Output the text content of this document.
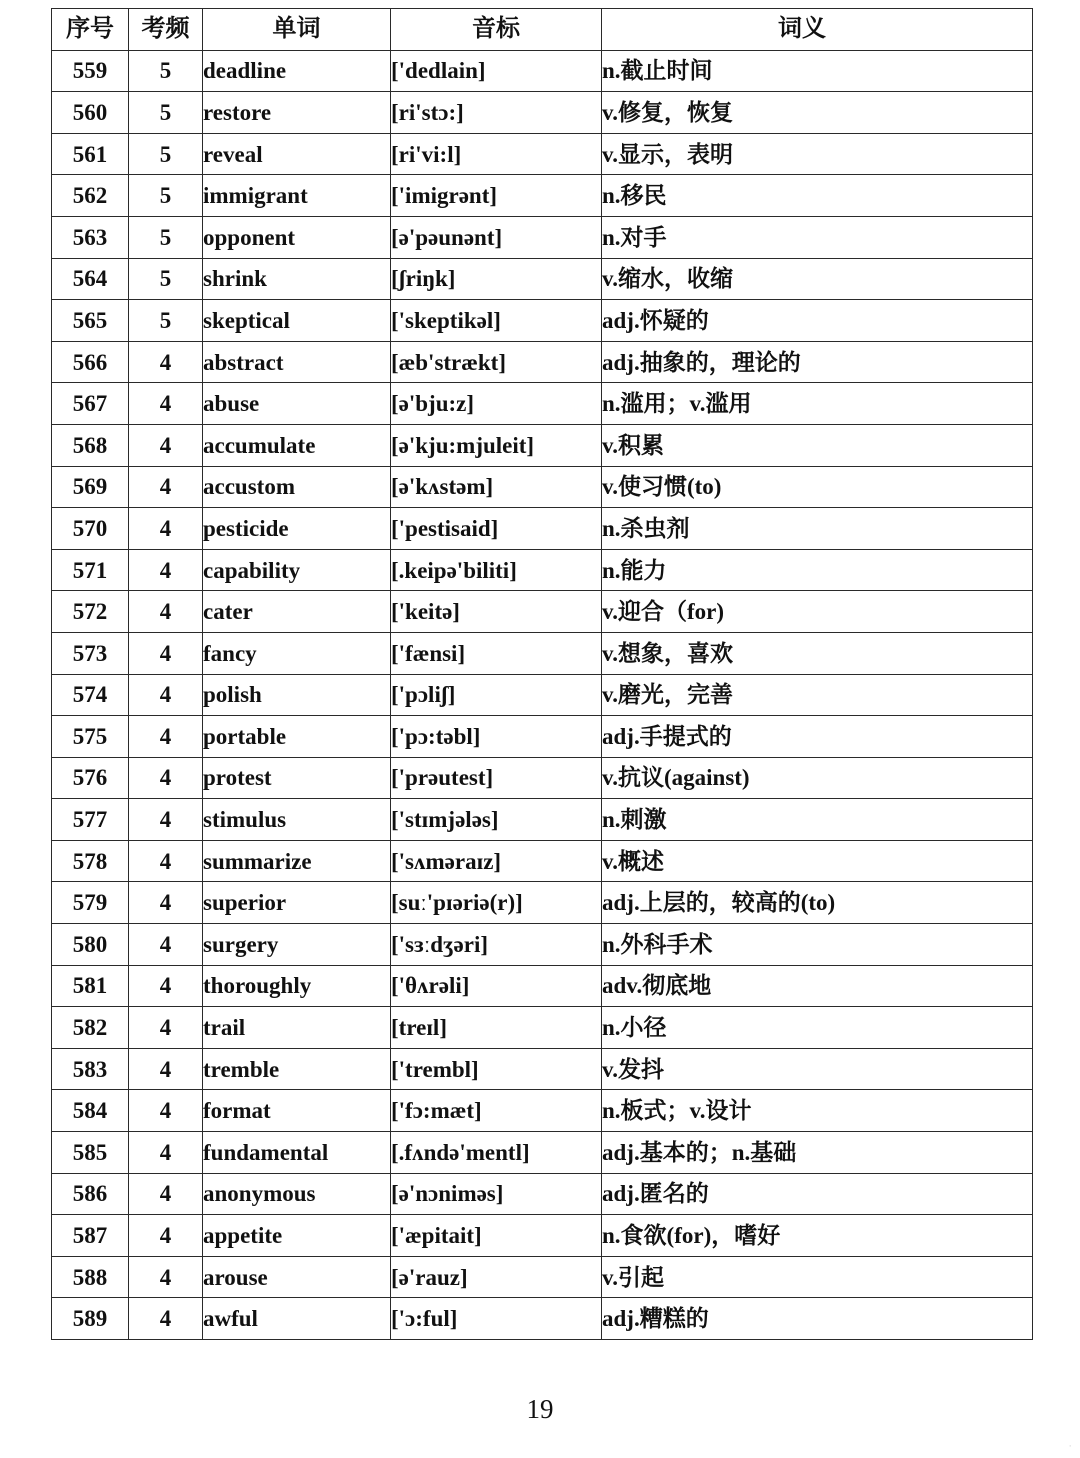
序号	考频	单词	音标	词义
559	5	deadline	['dedlain]	n.截止时间
560	5	restore	[ri'stɔ:]	v.修复，恢复
561	5	reveal	[ri'vi:l]	v.显示，表明
562	5	immigrant	['imigrənt]	n.移民
563	5	opponent	[ə'pəunənt]	n.对手
564	5	shrink	[ʃriŋk]	v.缩水，收缩
565	5	skeptical	['skeptikəl]	adj.怀疑的
566	4	abstract	[æb'strækt]	adj.抽象的，理论的
567	4	abuse	[ə'bju:z]	n.滥用；v.滥用
568	4	accumulate	[ə'kju:mjuleit]	v.积累
569	4	accustom	[ə'kʌstəm]	v.使习惯(to)
570	4	pesticide	['pestisaid]	n.杀虫剂
571	4	capability	[.keipə'biliti]	n.能力
572	4	cater	['keitə]	v.迎合（for)
573	4	fancy	['fænsi]	v.想象，喜欢
574	4	polish	['pɔliʃ]	v.磨光，完善
575	4	portable	['pɔ:təbl]	adj.手提式的
576	4	protest	['prəutest]	v.抗议(against)
577	4	stimulus	['stɪmjələs]	n.刺激
578	4	summarize	['sʌməraɪz]	v.概述
579	4	superior	[suː'pɪəriə(r)]	adj.上层的，较高的(to)
580	4	surgery	['sɜːdʒəri]	n.外科手术
581	4	thoroughly	['θʌrəli]	adv.彻底地
582	4	trail	[treɪl]	n.小径
583	4	tremble	['trembl]	v.发抖
584	4	format	['fɔ:mæt]	n.板式；v.设计
585	4	fundamental	[.fʌndə'mentl]	adj.基本的；n.基础
586	4	anonymous	[ə'nɔniməs]	adj.匿名的
587	4	appetite	['æpitait]	n.食欲(for)，嗜好
588	4	arouse	[ə'rauz]	v.引起
589	4	awful	['ɔ:ful]	adj.糟糕的
19
·
